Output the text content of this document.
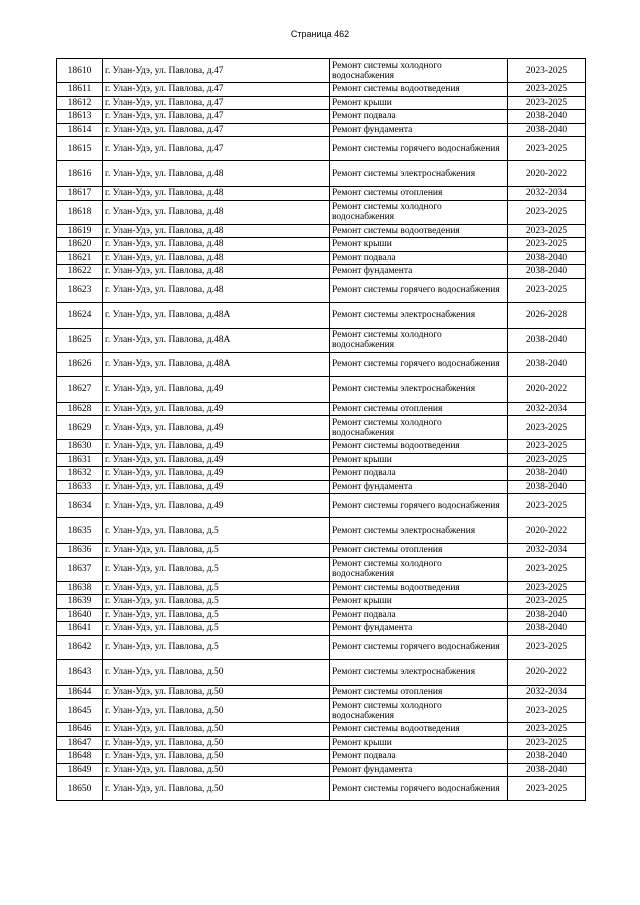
Страница 462
18610	г. Улан-Удэ, ул. Павлова, д.47	Ремонт системы холодного водоснабжения	2023-2025
18611	г. Улан-Удэ, ул. Павлова, д.47	Ремонт системы водоотведения	2023-2025
18612	г. Улан-Удэ, ул. Павлова, д.47	Ремонт крыши	2023-2025
18613	г. Улан-Удэ, ул. Павлова, д.47	Ремонт подвала	2038-2040
18614	г. Улан-Удэ, ул. Павлова, д.47	Ремонт фундамента	2038-2040
18615	г. Улан-Удэ, ул. Павлова, д.47	Ремонт системы горячего водоснабжения	2023-2025
18616	г. Улан-Удэ, ул. Павлова, д.48	Ремонт системы электроснабжения	2020-2022
18617	г. Улан-Удэ, ул. Павлова, д.48	Ремонт системы отопления	2032-2034
18618	г. Улан-Удэ, ул. Павлова, д.48	Ремонт системы холодного водоснабжения	2023-2025
18619	г. Улан-Удэ, ул. Павлова, д.48	Ремонт системы водоотведения	2023-2025
18620	г. Улан-Удэ, ул. Павлова, д.48	Ремонт крыши	2023-2025
18621	г. Улан-Удэ, ул. Павлова, д.48	Ремонт подвала	2038-2040
18622	г. Улан-Удэ, ул. Павлова, д.48	Ремонт фундамента	2038-2040
18623	г. Улан-Удэ, ул. Павлова, д.48	Ремонт системы горячего водоснабжения	2023-2025
18624	г. Улан-Удэ, ул. Павлова, д.48А	Ремонт системы электроснабжения	2026-2028
18625	г. Улан-Удэ, ул. Павлова, д.48А	Ремонт системы холодного водоснабжения	2038-2040
18626	г. Улан-Удэ, ул. Павлова, д.48А	Ремонт системы горячего водоснабжения	2038-2040
18627	г. Улан-Удэ, ул. Павлова, д.49	Ремонт системы электроснабжения	2020-2022
18628	г. Улан-Удэ, ул. Павлова, д.49	Ремонт системы отопления	2032-2034
18629	г. Улан-Удэ, ул. Павлова, д.49	Ремонт системы холодного водоснабжения	2023-2025
18630	г. Улан-Удэ, ул. Павлова, д.49	Ремонт системы водоотведения	2023-2025
18631	г. Улан-Удэ, ул. Павлова, д.49	Ремонт крыши	2023-2025
18632	г. Улан-Удэ, ул. Павлова, д.49	Ремонт подвала	2038-2040
18633	г. Улан-Удэ, ул. Павлова, д.49	Ремонт фундамента	2038-2040
18634	г. Улан-Удэ, ул. Павлова, д.49	Ремонт системы горячего водоснабжения	2023-2025
18635	г. Улан-Удэ, ул. Павлова, д.5	Ремонт системы электроснабжения	2020-2022
18636	г. Улан-Удэ, ул. Павлова, д.5	Ремонт системы отопления	2032-2034
18637	г. Улан-Удэ, ул. Павлова, д.5	Ремонт системы холодного водоснабжения	2023-2025
18638	г. Улан-Удэ, ул. Павлова, д.5	Ремонт системы водоотведения	2023-2025
18639	г. Улан-Удэ, ул. Павлова, д.5	Ремонт крыши	2023-2025
18640	г. Улан-Удэ, ул. Павлова, д.5	Ремонт подвала	2038-2040
18641	г. Улан-Удэ, ул. Павлова, д.5	Ремонт фундамента	2038-2040
18642	г. Улан-Удэ, ул. Павлова, д.5	Ремонт системы горячего водоснабжения	2023-2025
18643	г. Улан-Удэ, ул. Павлова, д.50	Ремонт системы электроснабжения	2020-2022
18644	г. Улан-Удэ, ул. Павлова, д.50	Ремонт системы отопления	2032-2034
18645	г. Улан-Удэ, ул. Павлова, д.50	Ремонт системы холодного водоснабжения	2023-2025
18646	г. Улан-Удэ, ул. Павлова, д.50	Ремонт системы водоотведения	2023-2025
18647	г. Улан-Удэ, ул. Павлова, д.50	Ремонт крыши	2023-2025
18648	г. Улан-Удэ, ул. Павлова, д.50	Ремонт подвала	2038-2040
18649	г. Улан-Удэ, ул. Павлова, д.50	Ремонт фундамента	2038-2040
18650	г. Улан-Удэ, ул. Павлова, д.50	Ремонт системы горячего водоснабжения	2023-2025
